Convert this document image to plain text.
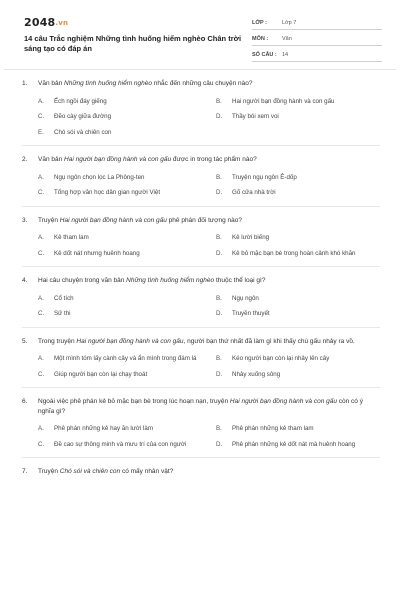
2048.vn
14 câu Trắc nghiệm Những tình huống hiểm nghèo Chân trời sáng tạo có đáp án
LỚP :	Lớp 7
MÔN :	Văn
SỐ CÂU : 14
1.	Văn bản Những tình huống hiểm nghèo nhắc đến những câu chuyện nào?
A.	Ếch ngồi đáy giếng	B.	Hai người bạn đồng hành và con gấu
C.	Đẽo cày giữa đường	D.	Thầy bói xem voi
E.	Chó sói và chiên con
2.	Văn bản Hai người bạn đồng hành và con gấu được in trong tác phẩm nào?
A.	Ngụ ngôn chọn lọc La Phông-ten	B.	Truyện ngụ ngôn Ê-dốp
C.	Tổng hợp văn học dân gian người Việt	D.	Gõ cửa nhà trời
3.	Truyện Hai người bạn đồng hành và con gấu phê phán đối tượng nào?
A.	Kẻ tham lam	B.	Kẻ lười biếng
C.	Kẻ dốt nát nhưng huênh hoang	D.	Kẻ bỏ mặc bạn bè trong hoàn cảnh khó khăn
4.	Hai câu chuyện trong văn bản Những tình huống hiểm nghèo thuộc thể loại gì?
A.	Cổ tích	B.	Ngụ ngôn
C.	Sử thi	D.	Truyền thuyết
5.	Trong truyện Hai người bạn đồng hành và con gấu, người bạn thứ nhất đã làm gì khi thấy chú gấu nhảy ra vồ.
A.	Một mình tóm lấy cành cây và ẩn mình trong đám lá	B.	Kéo người bạn còn lại nhảy lên cây
C.	Giúp người bạn còn lại chạy thoát	D.	Nhảy xuống sông
6.	Ngoài việc phê phán kẻ bỏ mặc bạn bè trong lúc hoạn nạn, truyện Hai người bạn đồng hành và con gấu còn có ý nghĩa gì?
A.	Phê phán những kẻ hay ăn lười làm	B.	Phê phán những kẻ tham lam
C.	Đề cao sự thông minh và mưu trí của con người	D.	Phê phán những kẻ dốt nát mà huênh hoang
7.	Truyện Chó sói và chiên con có mấy nhân vật?
